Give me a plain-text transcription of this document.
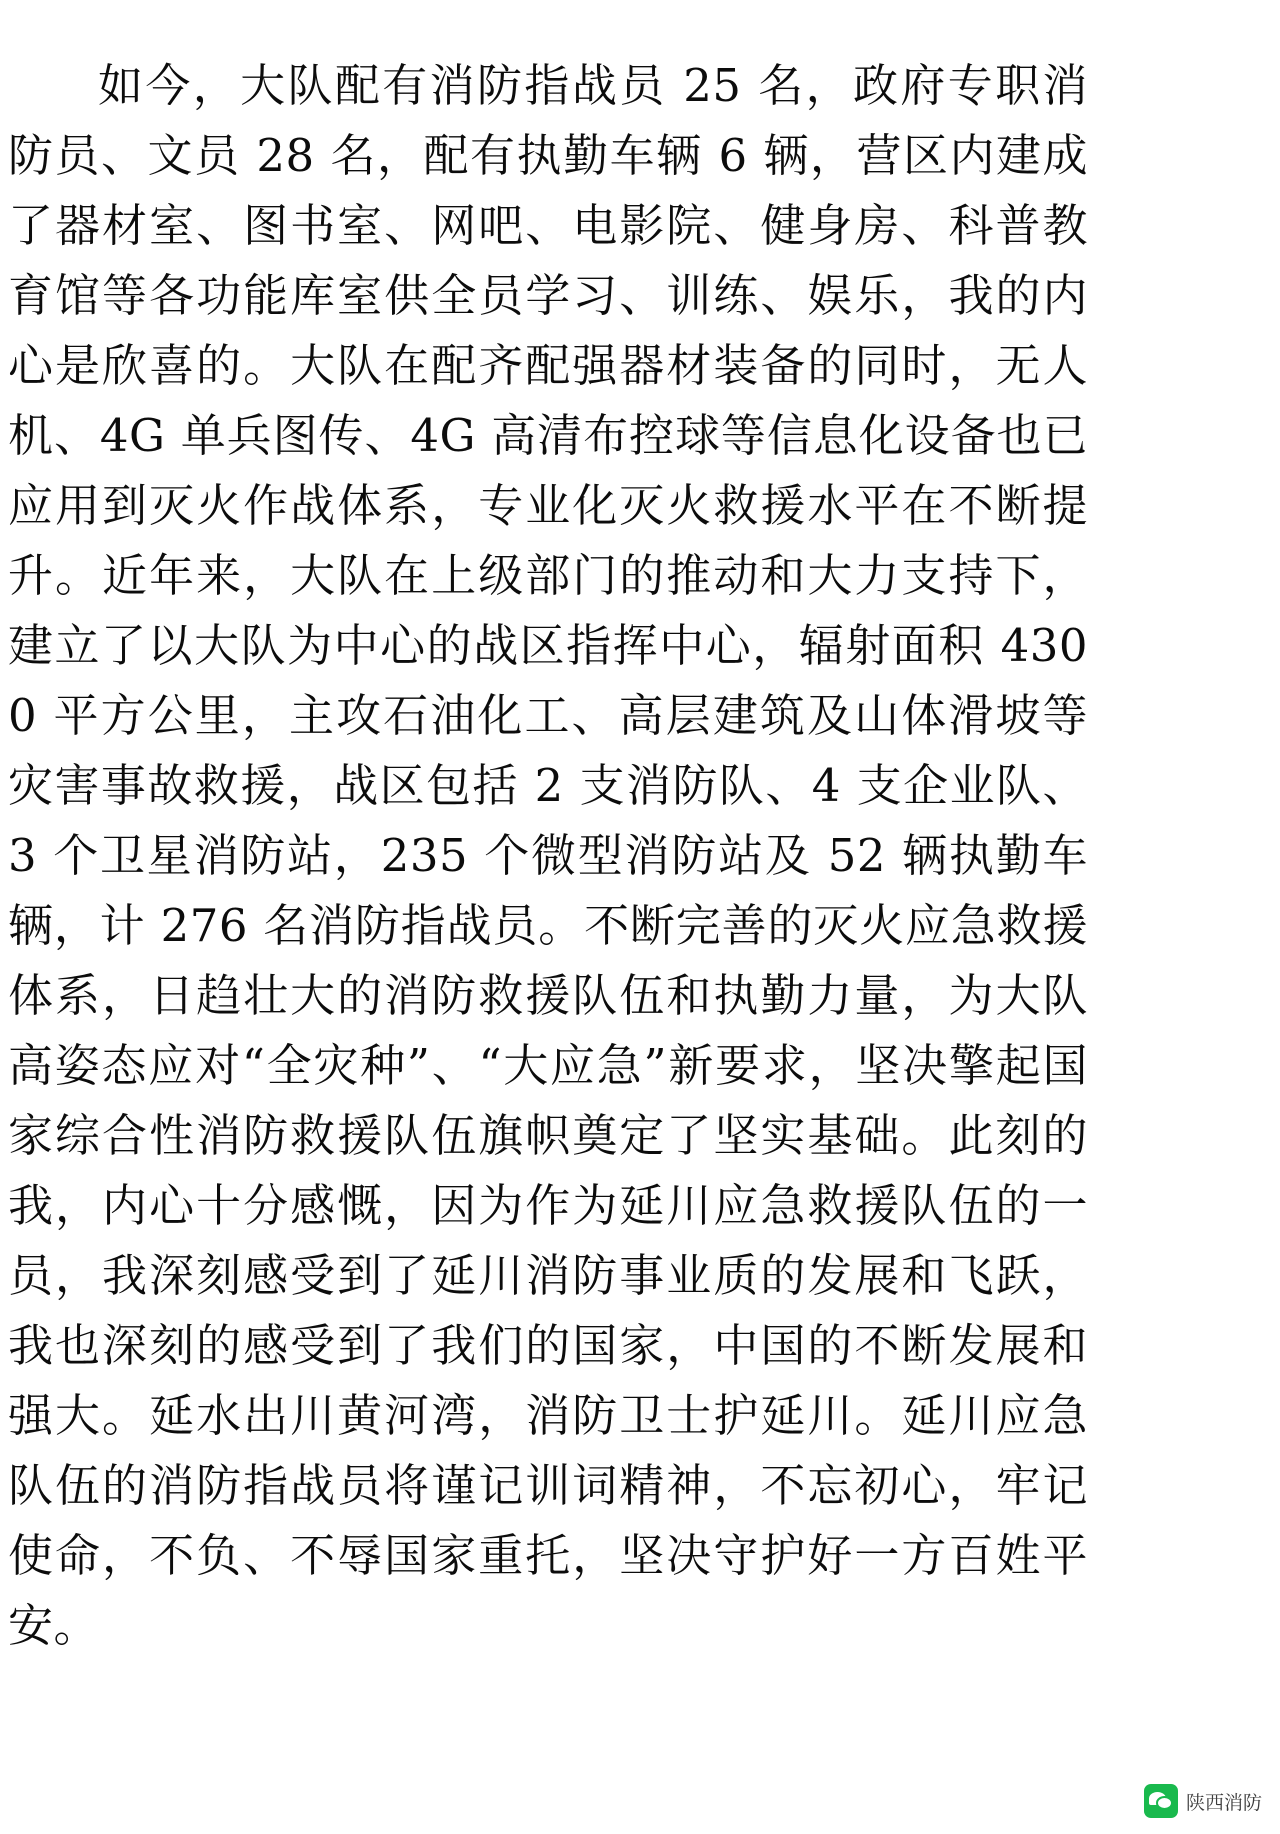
如今，大队配有消防指战员 25 名，政府专职消防员、文员 28 名，配有执勤车辆 6 辆，营区内建成了器材室、图书室、网吧、电影院、健身房、科普教育馆等各功能库室供全员学习、训练、娱乐，我的内心是欣喜的。大队在配齐配强器材装备的同时，无人机、4G 单兵图传、4G 高清布控球等信息化设备也已应用到灭火作战体系，专业化灭火救援水平在不断提升。近年来，大队在上级部门的推动和大力支持下，建立了以大队为中心的战区指挥中心，辐射面积 4300 平方公里，主攻石油化工、高层建筑及山体滑坡等灾害事故救援，战区包括 2 支消防队、4 支企业队、3 个卫星消防站，235 个微型消防站及 52 辆执勤车辆，计 276 名消防指战员。不断完善的灭火应急救援体系，日趋壮大的消防救援队伍和执勤力量，为大队高姿态应对“全灾种”、“大应急”新要求，坚决擎起国家综合性消防救援队伍旗帜奠定了坚实基础。此刻的我，内心十分感慨，因为作为延川应急救援队伍的一员，我深刻感受到了延川消防事业质的发展和飞跃，我也深刻的感受到了我们的国家，中国的不断发展和强大。延水出川黄河湾，消防卫士护延川。延川应急队伍的消防指战员将谨记训词精神，不忘初心，牢记使命，不负、不辱国家重托，坚决守护好一方百姓平安。

陕西消防
